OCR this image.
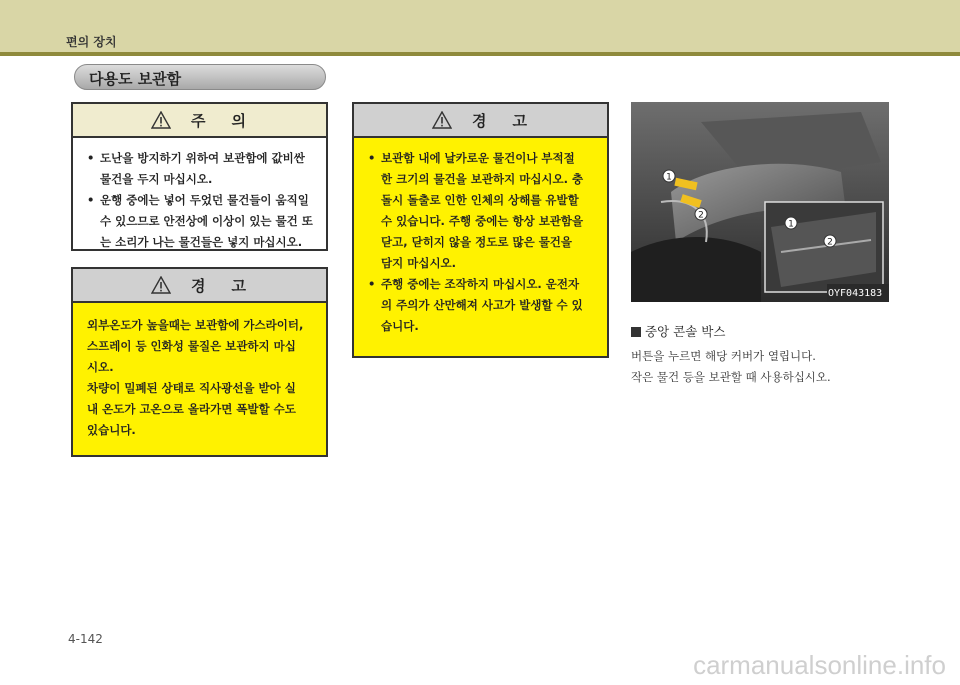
편의 장치
다용도 보관함
주의
• 도난을 방지하기 위하여 보관함에 값비싼
물건을 두지 마십시오.
• 운행 중에는 넣어 두었던 물건들이 움직일
수 있으므로 안전상에 이상이 있는 물건 또
는 소리가 나는 물건들은 넣지 마십시오.
경고
외부온도가 높을때는 보관함에 가스라이터,
스프레이 등 인화성 물질은 보관하지 마십
시오.
차량이 밀폐된 상태로 직사광선을 받아 실
내 온도가 고온으로 올라가면 폭발할 수도
있습니다.
경고
• 보관함 내에 날카로운 물건이나 부적절
한 크기의 물건을 보관하지 마십시오. 충
돌시 돌출로 인한 인체의 상해를 유발할
수 있습니다. 주행 중에는 항상 보관함을
닫고, 닫히지 않을 정도로 많은 물건을
담지 마십시오.
• 주행 중에는 조작하지 마십시오. 운전자
의 주의가 산만해져 사고가 발생할 수 있
습니다.
1
2
1
2
OYF043183
중앙 콘솔 박스
버튼을 누르면 해당 커버가 열립니다.
작은 물건 등을 보관할 때 사용하십시오.
4-142
carmanualsonline.info
